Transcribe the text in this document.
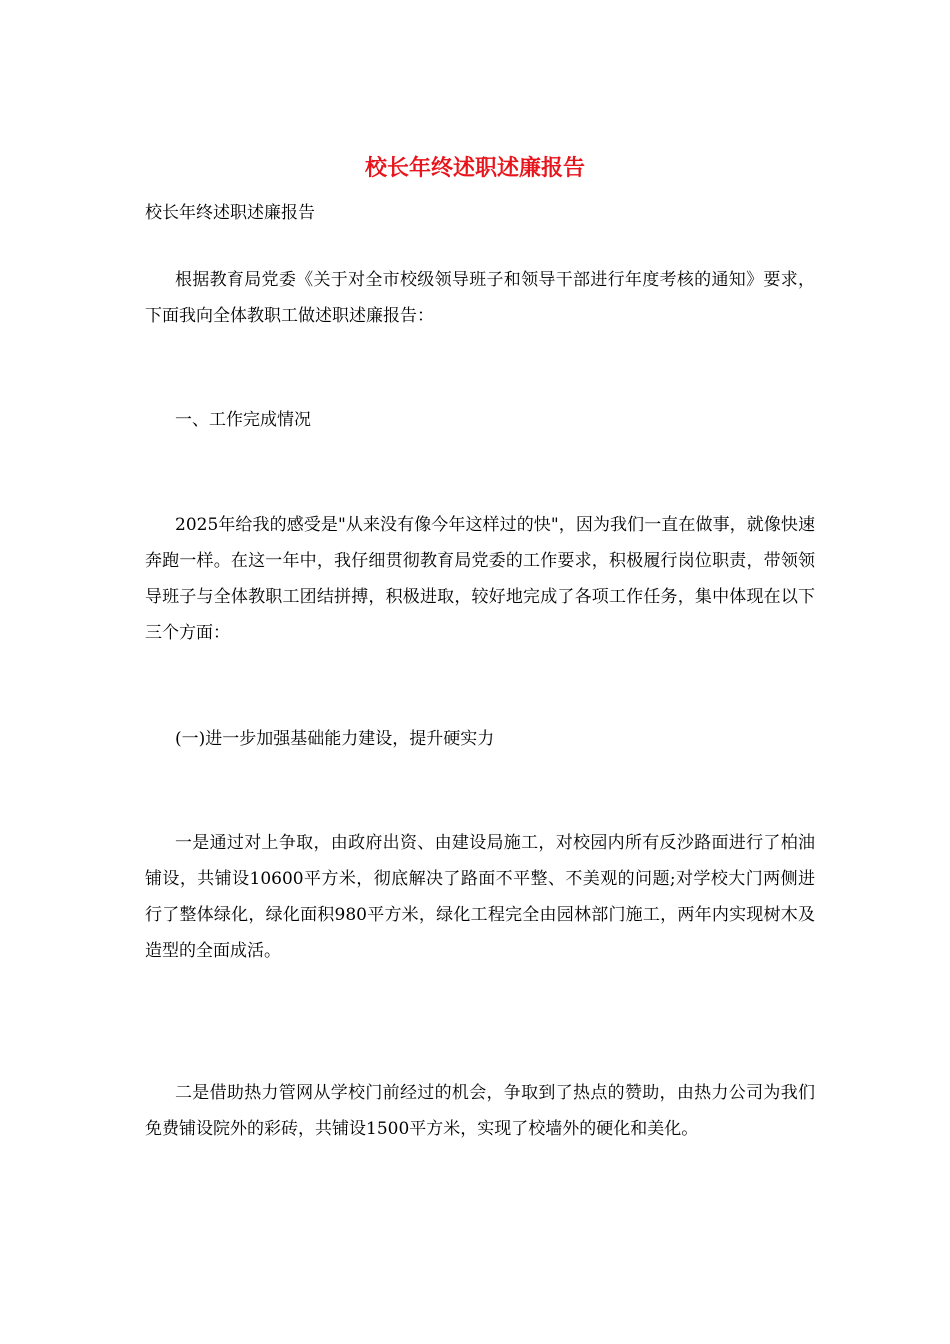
校长年终述职述廉报告

校长年终述职述廉报告

根据教育局党委《关于对全市校级领导班子和领导干部进行年度考核的通知》要求，下面我向全体教职工做述职述廉报告：

一、工作完成情况

2025年给我的感受是"从来没有像今年这样过的快"，因为我们一直在做事，就像快速奔跑一样。在这一年中，我仔细贯彻教育局党委的工作要求，积极履行岗位职责，带领领导班子与全体教职工团结拼搏，积极进取，较好地完成了各项工作任务，集中体现在以下三个方面：

(一)进一步加强基础能力建设，提升硬实力

一是通过对上争取，由政府出资、由建设局施工，对校园内所有反沙路面进行了柏油铺设，共铺设10600平方米，彻底解决了路面不平整、不美观的问题;对学校大门两侧进行了整体绿化，绿化面积980平方米，绿化工程完全由园林部门施工，两年内实现树木及造型的全面成活。

二是借助热力管网从学校门前经过的机会，争取到了热点的赞助，由热力公司为我们免费铺设院外的彩砖，共铺设1500平方米，实现了校墙外的硬化和美化。
